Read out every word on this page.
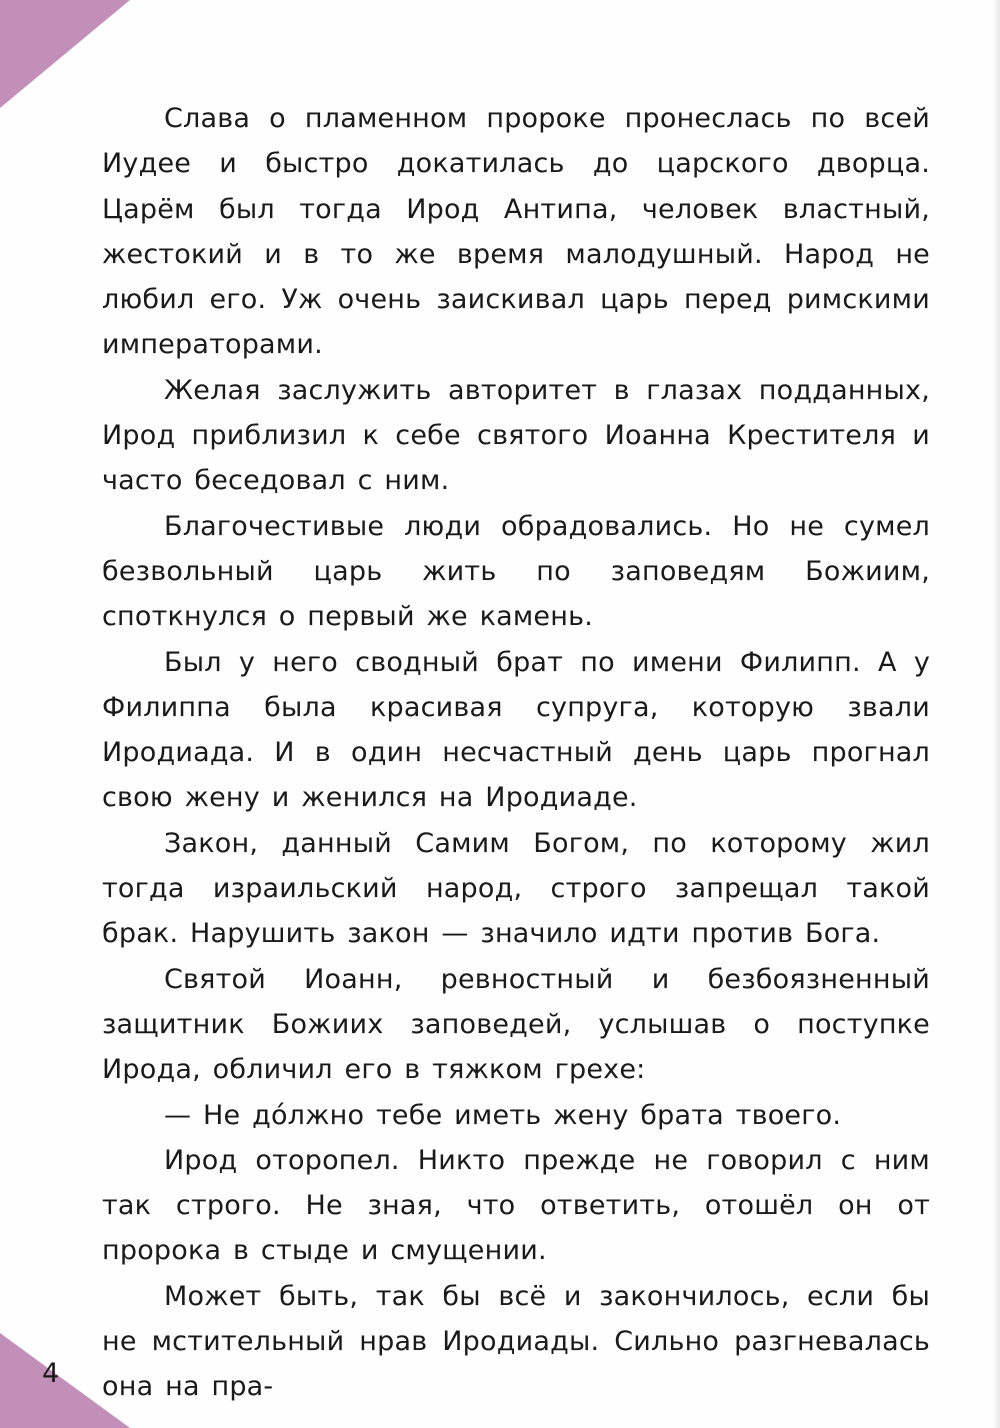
Слава о пламенном пророке пронеслась по всей Иудее и быстро докатилась до царского дворца. Царём был тогда Ирод Антипа, человек властный, жестокий и в то же время малодушный. Народ не любил его. Уж очень заискивал царь перед римскими императорами.

Желая заслужить авторитет в глазах подданных, Ирод приблизил к себе святого Иоанна Крестителя и часто беседовал с ним.

Благочестивые люди обрадовались. Но не сумел безвольный царь жить по заповедям Божиим, споткнулся о первый же камень.

Был у него сводный брат по имени Филипп. А у Филиппа была красивая супруга, которую звали Иродиада. И в один несчастный день царь прогнал свою жену и женился на Иродиаде.

Закон, данный Самим Богом, по которому жил тогда израильский народ, строго запрещал такой брак. Нарушить закон — значило идти против Бога.

Святой Иоанн, ревностный и безбоязненный защитник Божиих заповедей, услышав о поступке Ирода, обличил его в тяжком грехе:

— Не до́лжно тебе иметь жену брата твоего.

Ирод оторопел. Никто прежде не говорил с ним так строго. Не зная, что ответить, отошёл он от пророка в стыде и смущении.

Может быть, так бы всё и закончилось, если бы не мстительный нрав Иродиады. Сильно разгневалась она на пра-

4
